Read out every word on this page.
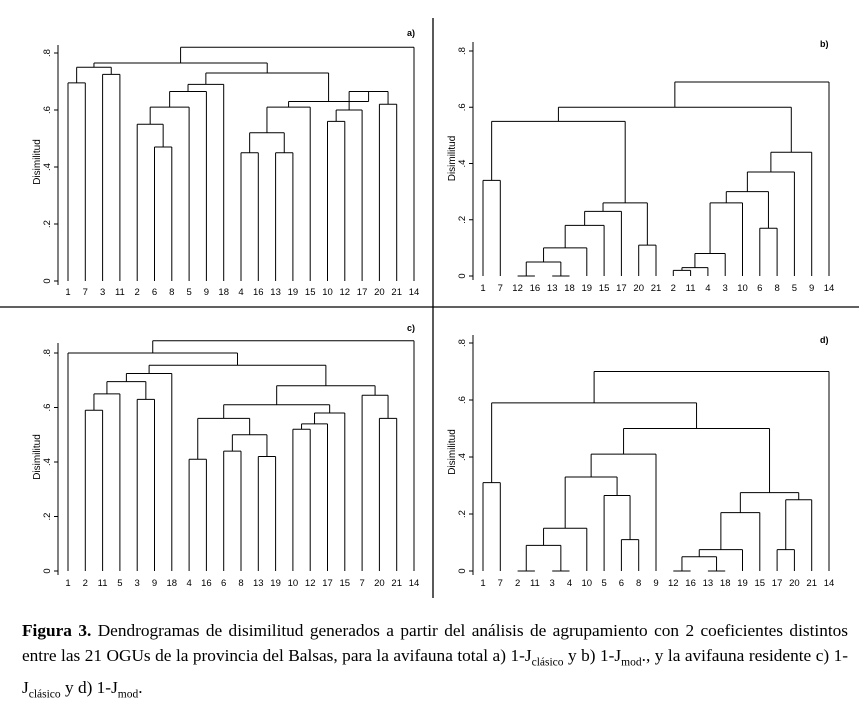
0
.2
.4
.6
.8
Disimilitud
a)
1 7 3 11 2 6 8 5 9 18 4 16 13 19 15 10 12 17 20 21 14
0
.2
.4
.6
.8
Disimilitud
b)
1 7 12 16 13 18 19 15 17 20 21 2 11 4 3 10 6 8 5 9 14
0
.2
.4
.6
.8
Disimilitud
c)
1 2 11 5 3 9 18 4 16 6 8 13 19 10 12 17 15 7 20 21 14
0
.2
.4
.6
.8
Disimilitud
d)
1 7 2 11 3 4 10 5 6 8 9 12 16 13 18 19 15 17 20 21 14
Figura 3. Dendrogramas de disimilitud generados a partir del análisis de agrupamiento con 2 coeficientes distintos entre las 21 OGUs de la provincia del Balsas, para la avifauna total a) $1-J_{clásico}$ y b) $1-J_{mod}$., y la avifauna residente c) $1-J_{clásico}$ y d) $1-J_{mod}$.
